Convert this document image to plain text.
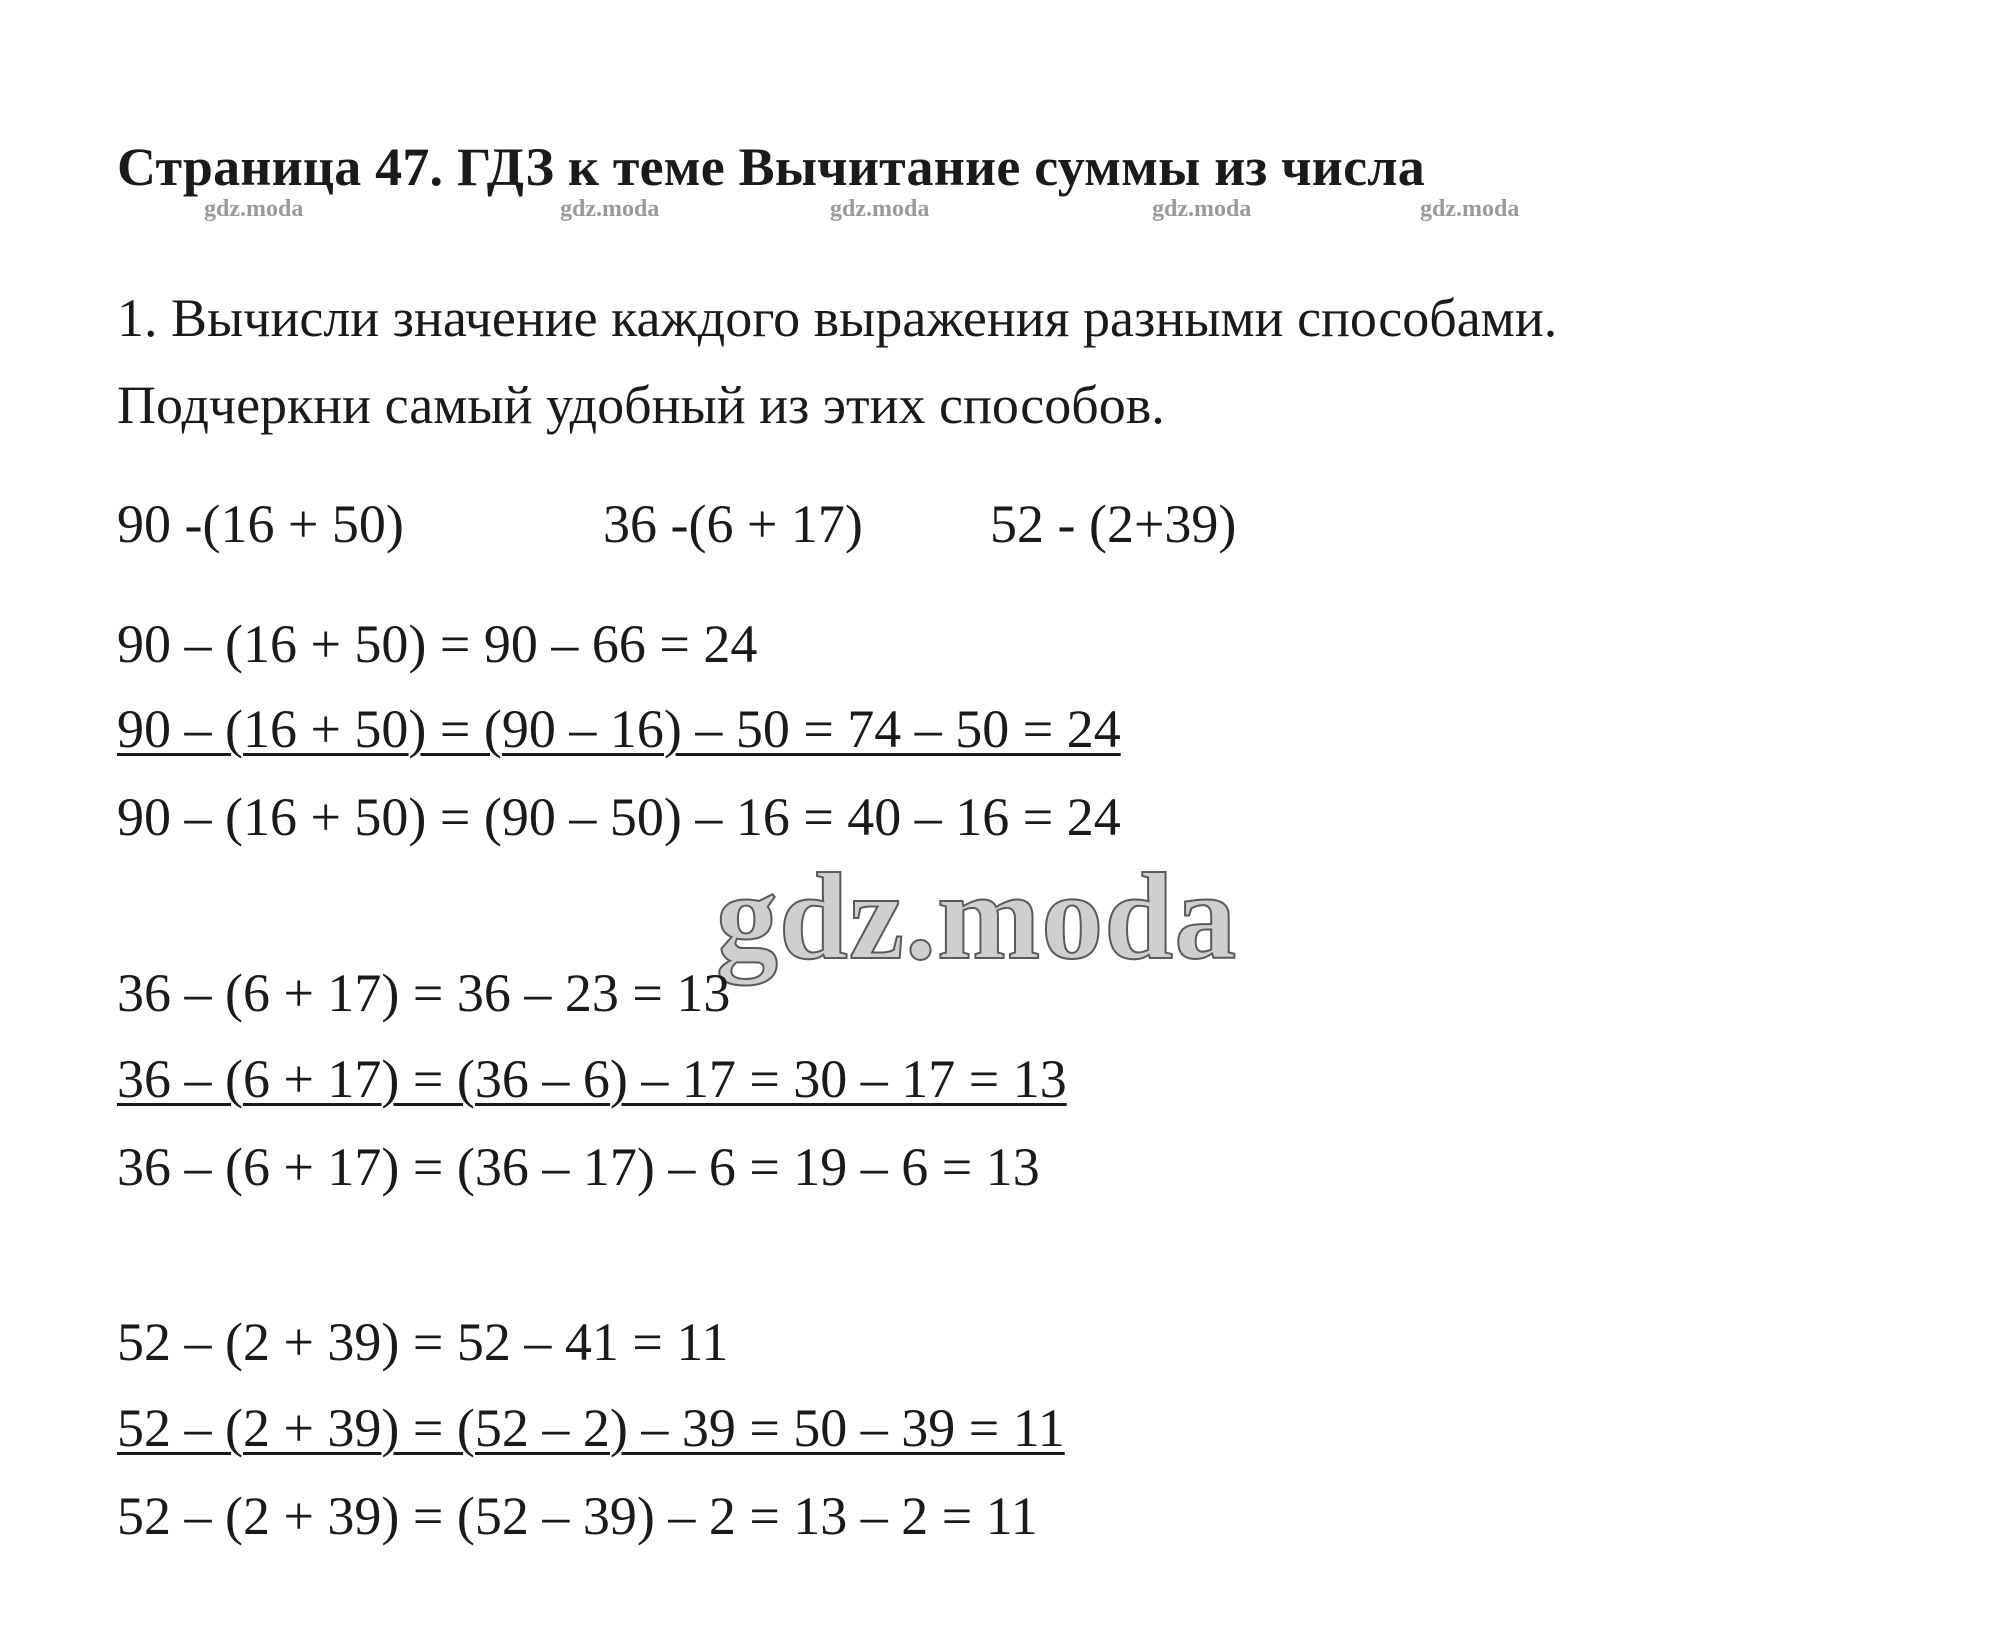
Страница 47. ГДЗ к теме Вычитание суммы из числа
gdz.moda	gdz.moda	gdz.moda	gdz.moda	gdz.moda
1. Вычисли значение каждого выражения разными способами.
Подчеркни самый удобный из этих способов.
90 -(16 + 50)	36 -(6 + 17) 52 - (2+39)
90 – (16 + 50) = 90 – 66 = 24
90 – (16 + 50) = (90 – 16) – 50 = 74 – 50 = 24
90 – (16 + 50) = (90 – 50) – 16 = 40 – 16 = 24
gdz.moda
36 – (6 + 17) = 36 – 23 = 13
36 – (6 + 17) = (36 – 6) – 17 = 30 – 17 = 13
36 – (6 + 17) = (36 – 17) – 6 = 19 – 6 = 13
52 – (2 + 39) = 52 – 41 = 11
52 – (2 + 39) = (52 – 2) – 39 = 50 – 39 = 11
52 – (2 + 39) = (52 – 39) – 2 = 13 – 2 = 11
